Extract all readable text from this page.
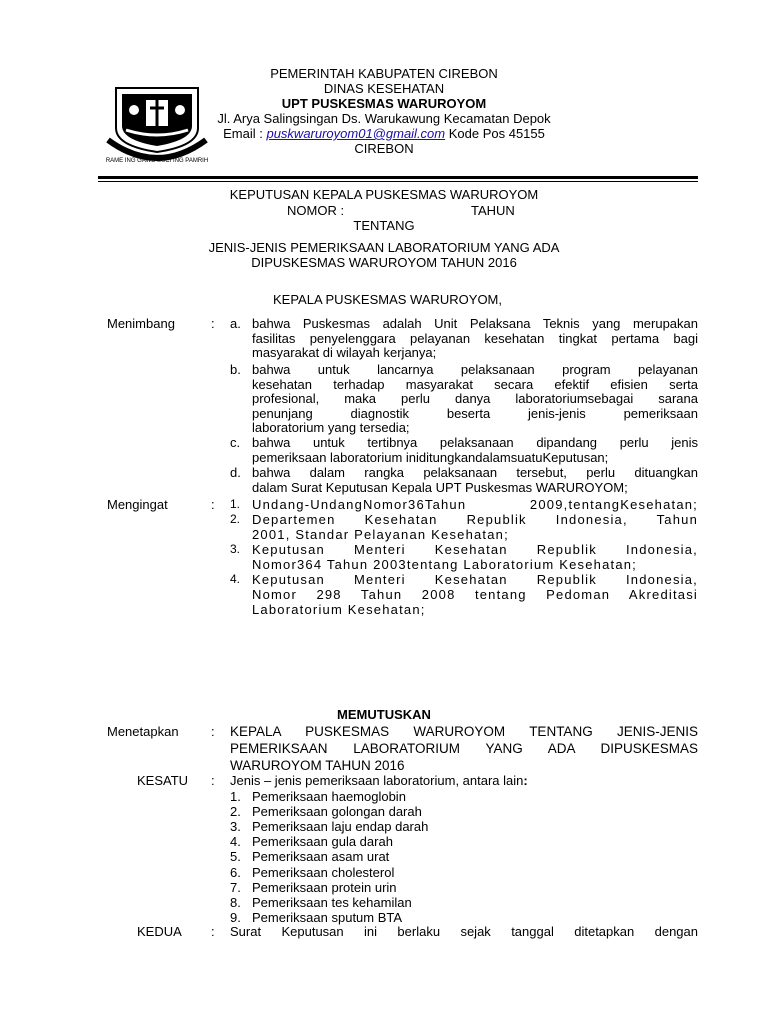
RAME ING GAWE SUCI ING PAMRIH
PEMERINTAH KABUPATEN CIREBON
DINAS KESEHATAN
UPT PUSKESMAS WARUROYOM
Jl. Arya Salingsingan Ds. Warukawung Kecamatan Depok
Email : puskwaruroyom01@gmail.com Kode Pos 45155
CIREBON
KEPUTUSAN KEPALA PUSKESMAS WARUROYOM
NOMOR :	TAHUN
TENTANG
JENIS-JENIS PEMERIKSAAN LABORATORIUM YANG ADA
DIPUSKESMAS WARUROYOM TAHUN 2016
KEPALA PUSKESMAS WARUROYOM,
Menimbang	: a. bahwa Puskesmas adalah Unit Pelaksana Teknis yang merupakan
fasilitas penyelenggara pelayanan kesehatan tingkat pertama bagi
masyarakat di wilayah kerjanya;
b. bahwa untuk lancarnya pelaksanaan program pelayanan
kesehatan terhadap masyarakat secara efektif efisien serta
profesional, maka perlu danya laboratoriumsebagai sarana
penunjang diagnostik beserta jenis-jenis pemeriksaan
laboratorium yang tersedia;
c. bahwa untuk tertibnya pelaksanaan dipandang perlu jenis
pemeriksaan laboratorium iniditungkandalamsuatuKeputusan;
d. bahwa dalam rangka pelaksanaan tersebut, perlu dituangkan
dalam Surat Keputusan Kepala UPT Puskesmas WARUROYOM;
Mengingat	: 1. Undang-UndangNomor36Tahun 2009,tentangKesehatan;
2. Departemen Kesehatan Republik Indonesia, Tahun
2001, Standar Pelayanan Kesehatan;
3. Keputusan Menteri Kesehatan Republik Indonesia,
Nomor364 Tahun 2003tentang Laboratorium Kesehatan;
4. Keputusan Menteri Kesehatan Republik Indonesia,
Nomor 298 Tahun 2008 tentang Pedoman Akreditasi
Laboratorium Kesehatan;
MEMUTUSKAN
Menetapkan : KEPALA PUSKESMAS WARUROYOM TENTANG JENIS-JENIS
PEMERIKSAAN LABORATORIUM YANG ADA DIPUSKESMAS
WARUROYOM TAHUN 2016
KESATU : Jenis – jenis pemeriksaan laboratorium, antara lain:
1. Pemeriksaan haemoglobin
2. Pemeriksaan golongan darah
3. Pemeriksaan laju endap darah
4. Pemeriksaan gula darah
5. Pemeriksaan asam urat
6. Pemeriksaan cholesterol
7. Pemeriksaan protein urin
8. Pemeriksaan tes kehamilan
9. Pemeriksaan sputum BTA
KEDUA : Surat Keputusan ini berlaku sejak tanggal ditetapkan dengan
